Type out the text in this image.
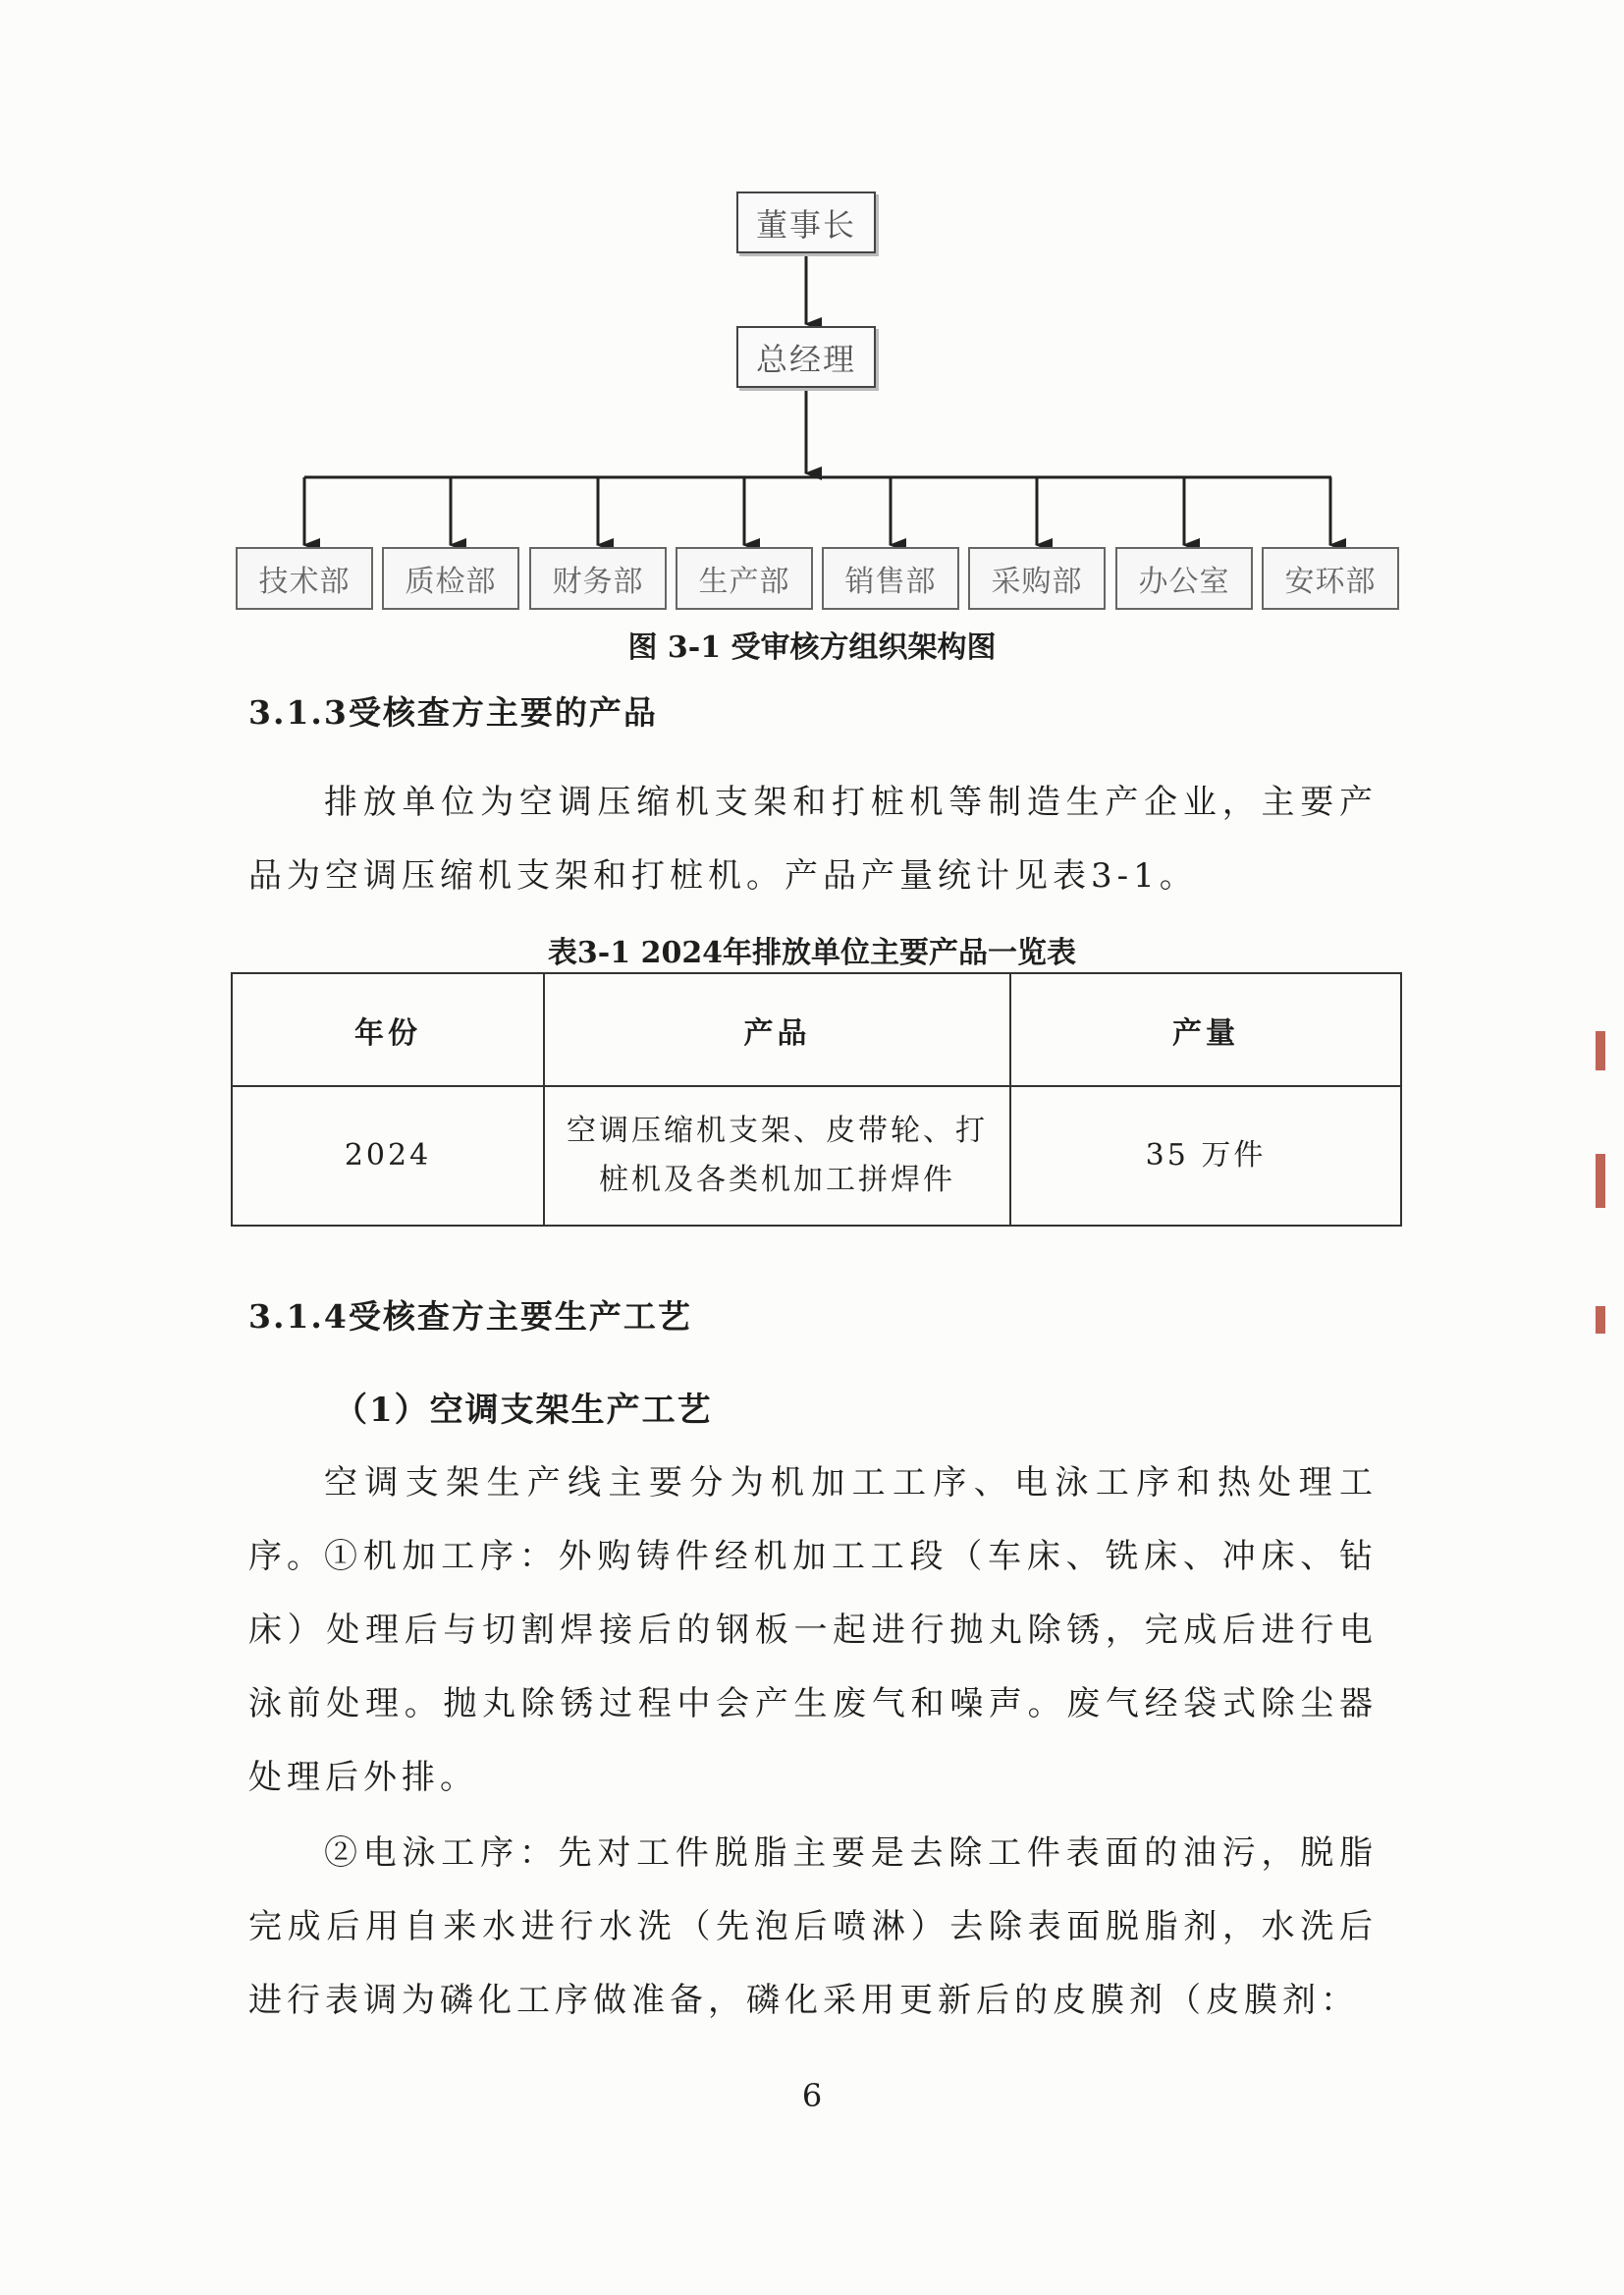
董事长
总经理
技术部	质检部	财务部	生产部	销售部	采购部	办公室	安环部
图 3-1 受审核方组织架构图
3.1.3受核查方主要的产品
排放单位为空调压缩机支架和打桩机等制造生产企业，主要产品为空调压缩机支架和打桩机。产品产量统计见表3-1。
表3-1 2024年排放单位主要产品一览表
年份	产品	产量
2024	空调压缩机支架、皮带轮、打桩机及各类机加工拼焊件	35 万件
3.1.4受核查方主要生产工艺
（1）空调支架生产工艺
空调支架生产线主要分为机加工工序、电泳工序和热处理工序。 ①机加工序：外购铸件经机加工工段（车床、铣床、冲床、钻床）处理后与切割焊接后的钢板一起进行抛丸除锈，完成后进行电泳前处理。抛丸除锈过程中会产生废气和噪声。废气经袋式除尘器处理后外排。
②电泳工序：先对工件脱脂主要是去除工件表面的油污，脱脂完成后用自来水进行水洗（先泡后喷淋）去除表面脱脂剂，水洗后进行表调为磷化工序做准备，磷化采用更新后的皮膜剂（皮膜剂：
6
